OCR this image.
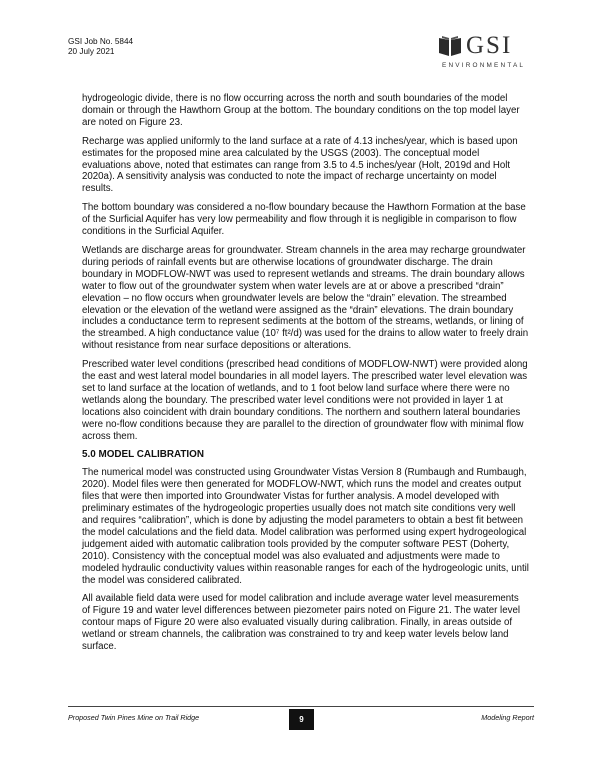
GSI Job No. 5844
20 July 2021	GSI
ENVIRONMENTAL

hydrogeologic divide, there is no flow occurring across the north and south boundaries of the model domain or through the Hawthorn Group at the bottom. The boundary conditions on the top model layer are noted on Figure 23.

Recharge was applied uniformly to the land surface at a rate of 4.13 inches/year, which is based upon estimates for the proposed mine area calculated by the USGS (2003). The conceptual model evaluations above, noted that estimates can range from 3.5 to 4.5 inches/year (Holt, 2019d and Holt 2020a). A sensitivity analysis was conducted to note the impact of recharge uncertainty on model results.

The bottom boundary was considered a no-flow boundary because the Hawthorn Formation at the base of the Surficial Aquifer has very low permeability and flow through it is negligible in comparison to flow conditions in the Surficial Aquifer.

Wetlands are discharge areas for groundwater. Stream channels in the area may recharge groundwater during periods of rainfall events but are otherwise locations of groundwater discharge. The drain boundary in MODFLOW-NWT was used to represent wetlands and streams. The drain boundary allows water to flow out of the groundwater system when water levels are at or above a prescribed “drain” elevation – no flow occurs when groundwater levels are below the “drain” elevation. The streambed elevation or the elevation of the wetland were assigned as the “drain” elevations. The drain boundary includes a conductance term to represent sediments at the bottom of the streams, wetlands, or lining of the streambed. A high conductance value (10⁷ ft²/d) was used for the drains to allow water to freely drain without resistance from near surface depositions or alterations.

Prescribed water level conditions (prescribed head conditions of MODFLOW-NWT) were provided along the east and west lateral model boundaries in all model layers. The prescribed water level elevation was set to land surface at the location of wetlands, and to 1 foot below land surface where there were no wetlands along the boundary. The prescribed water level conditions were not provided in layer 1 at locations also coincident with drain boundary conditions. The northern and southern lateral boundaries were no-flow conditions because they are parallel to the direction of groundwater flow with minimal flow across them.

5.0 MODEL CALIBRATION

The numerical model was constructed using Groundwater Vistas Version 8 (Rumbaugh and Rumbaugh, 2020). Model files were then generated for MODFLOW-NWT, which runs the model and creates output files that were then imported into Groundwater Vistas for further analysis. A model developed with preliminary estimates of the hydrogeologic properties usually does not match site conditions very well and requires “calibration”, which is done by adjusting the model parameters to obtain a best fit between the model calculations and the field data. Model calibration was performed using expert hydrogeological judgement aided with automatic calibration tools provided by the computer software PEST (Doherty, 2010). Consistency with the conceptual model was also evaluated and adjustments were made to modeled hydraulic conductivity values within reasonable ranges for each of the hydrogeologic units, until the model was considered calibrated.

All available field data were used for model calibration and include average water level measurements of Figure 19 and water level differences between piezometer pairs noted on Figure 21. The water level contour maps of Figure 20 were also evaluated visually during calibration. Finally, in areas outside of wetland or stream channels, the calibration was constrained to try and keep water levels below land surface.

Proposed Twin Pines Mine on Trail Ridge	9	Modeling Report
